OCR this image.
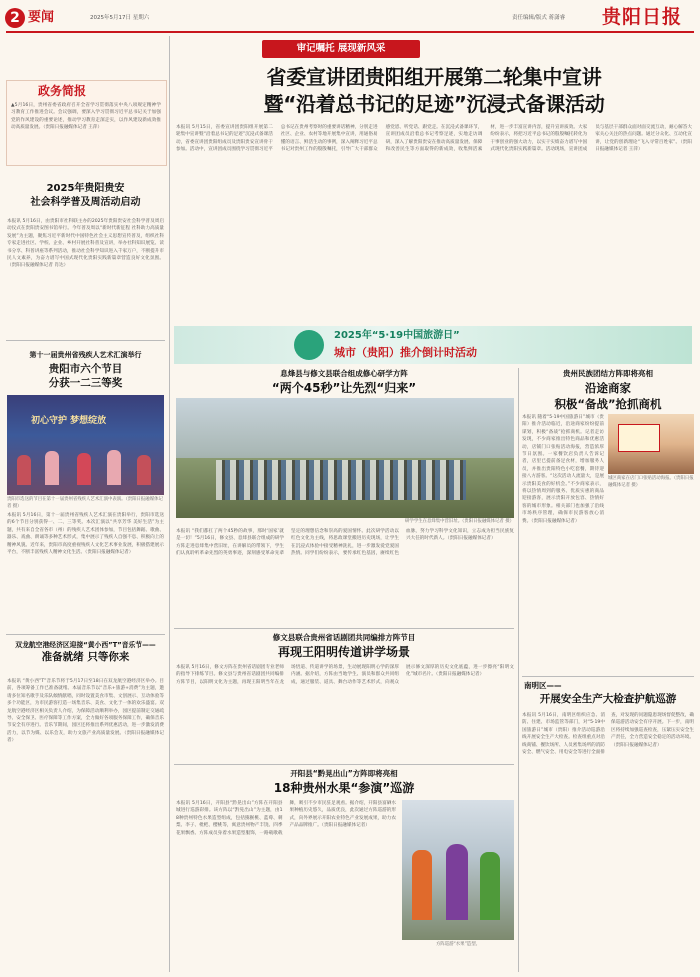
2 要闻	2025年5月17日 星期六	责任编辑/版式 蒋潇睿 贵阳日报
政务简报
▲5月16日，贵州省委省政府召开全省学习贯彻落实中央八项规定精神学习教育工作推进会议。会议强调，要深入学习贯彻习近平总书记关于加强党的作风建设的重要论述，推动学习教育走深走实，以作风建设新成效推动高质量发展。（贵阳日报融媒体记者 王萍）
2025年贵阳贵安
社会科学普及周活动启动
本报讯 5月16日，由贵阳市社科联主办的2025年贵阳贵安社会科学普及周启动仪式在贵阳贵安图书馆举行。今年普及周以“新时代新征程 社科助力高质量发展”为主题，聚焦习近平新时代中国特色社会主义思想宣传普及，组织社科专家走进社区、学校、企业、乡村开展社科普及宣讲，举办社科知识展览、读书分享、科普讲座等系列活动，推动社会科学知识进入千家万户，不断提升市民人文素养，为奋力谱写中国式现代化贵阳实践新篇章营造良好文化氛围。（贵阳日报融媒体记者 肖达）
第十一届贵州省残疾人艺术汇演举行
贵阳市六个节目
分获一二三等奖
初心守护 梦想绽放
贵阳市选送的节目在第十一届贵州省残疾人艺术汇演中表演。（贵阳日报融媒体记者 摄）
本报讯 5月16日，第十一届贵州省残疾人艺术汇演在贵阳举行，贵阳市选送的6个节目分别获得一、二、三等奖。本次汇演以“共享芳华 美好生活”为主题，共有来自全省各市（州）的残疾人艺术团体参加，节目包括舞蹈、歌曲、器乐、戏曲、朗诵等多种艺术形式，集中展示了残疾人自强不息、积极向上的精神风貌。近年来，贵阳市高度重视残疾人文化艺术事业发展，积极搭建展示平台，不断丰富残疾人精神文化生活。（贵阳日报融媒体记者）
双龙航空港经济区迎接“黄小西”T”音乐节——
准备就绪 只等你来
本报讯 “黄小西”T”音乐节将于5月17日至18日在双龙航空港经济区举办。目前，各项筹备工作已准备就绪。本届音乐节以“音乐+旅游+消费”为主题，邀请多位知名歌手及乐队倾情献唱，同时设置美食市集、文创展示、互动体验等多个功能区，为市民游客打造一场集音乐、美食、文化于一体的欢乐盛宴。双龙航空港经济区相关负责人介绍，为保障活动顺利举办，园区提前制定交通疏导、安全保卫、医疗保障等工作方案，全力做好各项服务保障工作，确保音乐节安全有序进行。音乐节期间，园区还将推出系列优惠活动，进一步激发消费活力，以节为媒、以乐会友，助力文旅产业高质量发展。（贵阳日报融媒体记者）
审记嘱托 展现新风采
省委宣讲团贵阳组开展第二轮集中宣讲
暨“沿着总书记的足迹”沉浸式备课活动
本报讯 5月15日，省委宣讲团贵阳组开展第二轮集中宣讲暨“沿着总书记的足迹”沉浸式备课活动，省委宣讲团贵阳组成员及贵阳贵安宣讲骨干参加。活动中，宣讲团成员围绕学习贯彻习近平总书记在贵州考察时的重要讲话精神，分别走进社区、企业、农村等地开展集中宣讲，用通俗易懂的语言、鲜活生动的事例，深入阐释习近平总书记对贵州工作的殷殷嘱托，引导广大干部群众感党恩、听党话、跟党走。在沉浸式备课环节，宣讲团成员沿着总书记考察足迹，实地走访调研，深入了解贵阳贵安在推动高质量发展、保障和改善民生等方面取得的新成效，收集鲜活素材，进一步丰富宣讲内容，提升宣讲质效。大家纷纷表示，将把习近平总书记的殷殷嘱托转化为干事创业的强大动力，以实干实绩奋力谱写中国式现代化贵阳实践新篇章。活动现场，宣讲团成员与基层干部群众面对面交流互动，耐心解答大家关心关注的热点问题。通过分众化、互动化宣讲，让党的创新理论“飞入寻常百姓家”。（贵阳日报融媒体记者 王萍）
2025年“5·19中国旅游日”
城市（贵阳）推介倒计时活动
息烽县与修文县联合组成修心研学方阵
“两个45秒”让先烈“归来”
研学学生在息烽集中营旧址。（贵阳日报融媒体记者 摄）
本报讯 “我们都扛了两个45秒的故事，那时‘国家’就是一切！”5月16日，修文县、息烽县联合组成的研学方阵走进息烽集中营旧址，在讲解员的带领下，学生们认真聆听革命先烈的英勇事迹，深刻感受革命先辈坚定的理想信念和崇高的爱国情怀。此次研学活动以红色文化为主线，将思政课堂搬进历史现场，让学生在沉浸式体验中接受精神洗礼，进一步激发爱党爱国热情。同学们纷纷表示，要传承红色基因，赓续红色血脉，努力学习科学文化知识，立志成为担当民族复兴大任的时代新人。（贵阳日报融媒体记者）
修文县联合贵州省话剧团共同编排方阵节目
再现王阳明传道讲学场景
本报讯 5月16日，修文方阵在贵州省话剧团专业老师的指导下排练节目。修文县与贵州省话剧团共同编排方阵节目，以阳明文化为主题，再现王阳明当年在龙场悟道、传道讲学的场景，生动展现阳明心学的深厚内涵。据介绍，方阵由当地学生、演员和群众共同组成，通过服装、道具、舞台动作等艺术形式，向观众展示修文深厚的历史文化底蕴，进一步擦亮“阳明文化”城市名片。（贵阳日报融媒体记者）
开阳县“黔晃出山”方阵即将亮相
18种贵州水果“参演”巡游
本报讯 5月16日，开阳县“黔晃出山”方阵在开阳县城进行巡游彩排。该方阵以“黔晃出山”为主题，由18种贵州特色水果造型组成，包括猕猴桃、蓝莓、刺梨、李子、枇杷、樱桃等，寓意贵州物产丰饶、四季花果飘香。方阵成员身着水果造型服饰，一路载歌载舞，吸引不少市民驻足观看。据介绍，开阳县富硒水果种植历史悠久，品质优良，此次通过方阵巡游的形式，向外界展示开阳农业特色产业发展成果，助力农产品品牌推广。（贵阳日报融媒体记者）
方阵巡游“水果”造型。
贵州民族团结方阵即将亮相
沿途商家
积极“备战”抢抓商机
本报讯 随着“5·19中国旅游日”城市（贵阳）推介活动临近，沿途商家纷纷提前谋划，积极“备战”抢抓商机。记者走访发现，不少商家推出特色商品和优惠活动，店铺门口张贴活动海报，营造浓厚节日氛围。一家餐饮店负责人告诉记者，店里已提前备足食材，增加服务人员，并推出贵阳特色小吃套餐，期待迎接八方游客。“这次活动人流量大，是展示贵阳美食的好机会。”不少商家表示，将以热情周到的服务、优质实惠的商品迎接游客，展示贵阳开放包容、热情好客的城市形象。相关部门也加强了沿线市场秩序管理，确保市民游客放心消费。（贵阳日报融媒体记者）
城区商家在店门口张贴活动海报。（贵阳日报融媒体记者 摄）
南明区——
开展安全生产大检查护航巡游
本报讯 5月16日，南明区组织应急、消防、住建、市场监管等部门，对“5·19中国旅游日”城市（贵阳）推介活动巡游沿线开展安全生产大检查。检查组重点对沿线商铺、餐饮场所、人员密集场所的消防安全、燃气安全、用电安全等进行全面排查，对发现的问题隐患现场督促整改，确保巡游活动安全有序开展。下一步，南明区将持续加强巡查检查，压紧压实安全生产责任，全力营造安全稳定的活动环境。（贵阳日报融媒体记者）
